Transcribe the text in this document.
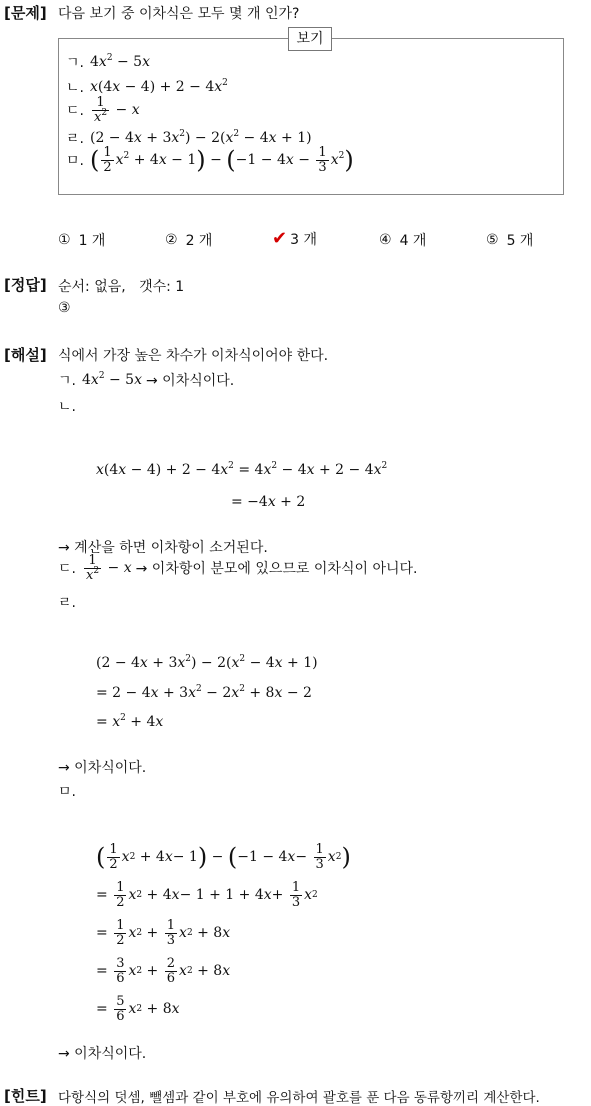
[문제] 다음 보기 중 이차식은 모두 몇 개 인가?
보기
ㄱ. $4x^2 - 5x$
ㄴ. $x(4x - 4) + 2 - 4x^2$
ㄷ. $\frac{1}{x^2} - x$
ㄹ. $(2 - 4x + 3x^2) - 2(x^2 - 4x + 1)$
ㅁ. ( $\frac{1}{2} x^2 + 4x - 1) - (-1 - 4x - \frac{1}{3} x^2)$
① 1 개	② 2 개	✔ 3 개	④ 4 개	⑤ 5 개
[정답] 순서: 없음,   갯수: 1
③
[해설] 식에서 가장 높은 차수가 이차식이어야 한다.
ㄱ. $4x^2 - 5x$ → 이차식이다.
ㄴ.
$x(4x - 4) + 2 - 4x^2 = 4x^2 - 4x + 2 - 4x^2$
= −4x + 2
→ 계산을 하면 이차항이 소거된다.
ㄷ. $\frac{1}{x^2} - x$ → 이차항이 분모에 있으므로 이차식이 아니다.
ㄹ.
$(2 - 4x + 3x^2) - 2(x^2 - 4x + 1)$
= $2 - 4x + 3x^2 - 2x^2 + 8x - 2$
= $x^2 + 4x$
→ 이차식이다.
ㅁ.
( $\frac{1}{2}$ x 2 + 4 x − 1 ) − ( −1 − 4 $x - \frac{1}{3}$ x 2 )
= $\frac{1}{2}$ x 2 + 4 x − 1 + 1 + 4 $x + \frac{1}{3}$ x 2
= $\frac{1}{2}$ x $2 + \frac{1}{3}$ x 2 + 8 x
= $\frac{3}{6}$ x $2 + \frac{2}{6}$ x 2 + 8 x
= $\frac{5}{6}$ x 2 + 8 x
→ 이차식이다.
[힌트] 다항식의 덧셈, 뺄셈과 같이 부호에 유의하여 괄호를 푼 다음 동류항끼리 계산한다.
